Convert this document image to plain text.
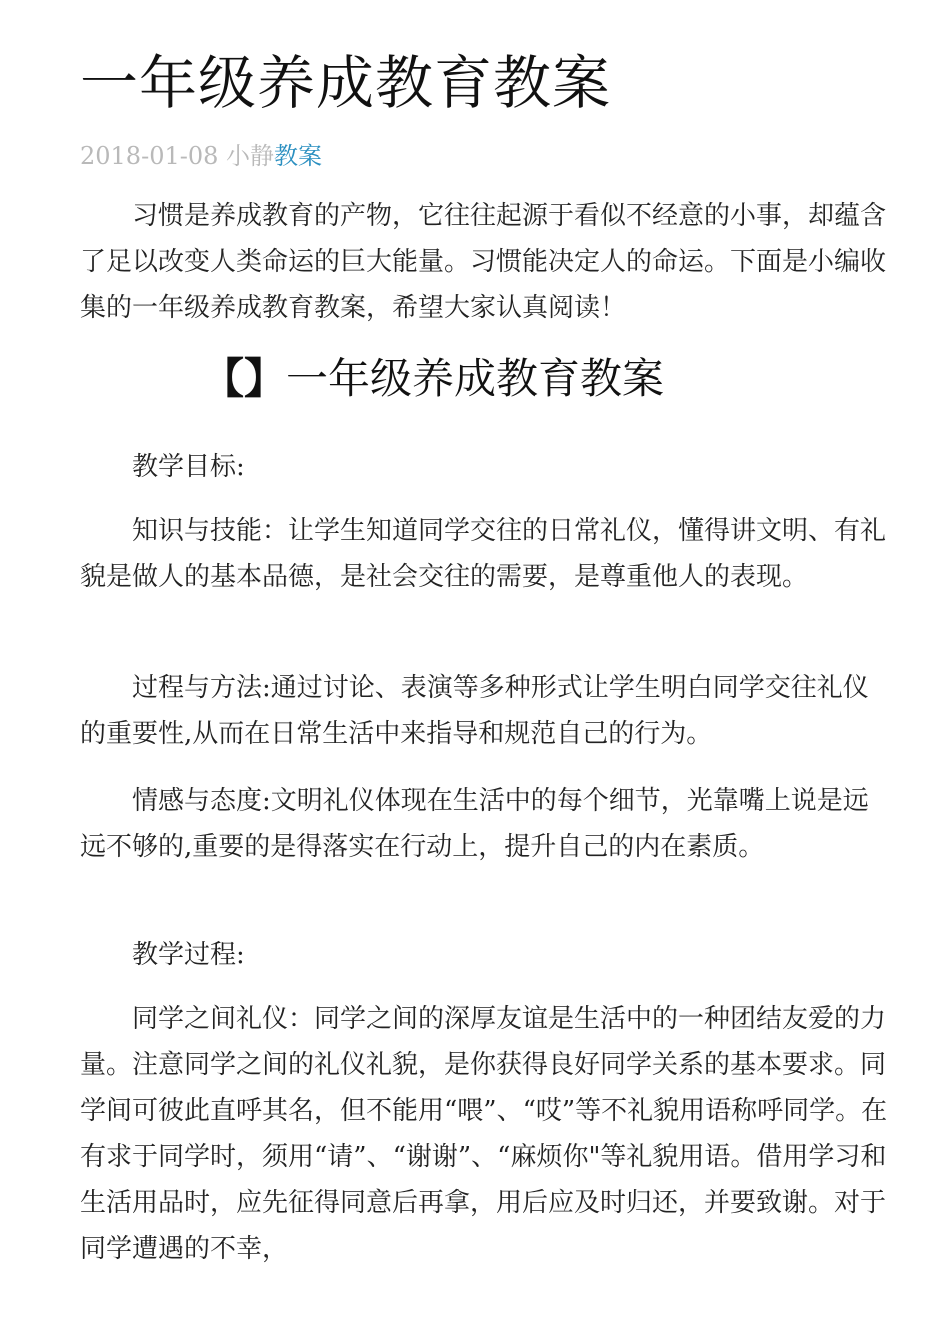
一年级养成教育教案
2018-01-08 小静教案

习惯是养成教育的产物，它往往起源于看似不经意的小事，却蕴含了足以改变人类命运的巨大能量。习惯能决定人的命运。下面是小编收集的一年级养成教育教案，希望大家认真阅读！

【】一年级养成教育教案

教学目标:

知识与技能：让学生知道同学交往的日常礼仪，懂得讲文明、有礼貌是做人的基本品德，是社会交往的需要，是尊重他人的表现。

过程与方法:通过讨论、表演等多种形式让学生明白同学交往礼仪的重要性,从而在日常生活中来指导和规范自己的行为。

情感与态度:文明礼仪体现在生活中的每个细节，光靠嘴上说是远远不够的,重要的是得落实在行动上，提升自己的内在素质。

教学过程:

同学之间礼仪：同学之间的深厚友谊是生活中的一种团结友爱的力量。注意同学之间的礼仪礼貌，是你获得良好同学关系的基本要求。同学间可彼此直呼其名，但不能用“喂”、“哎”等不礼貌用语称呼同学。在有求于同学时，须用“请”、“谢谢”、“麻烦你"等礼貌用语。借用学习和生活用品时，应先征得同意后再拿，用后应及时归还，并要致谢。对于同学遭遇的不幸，
